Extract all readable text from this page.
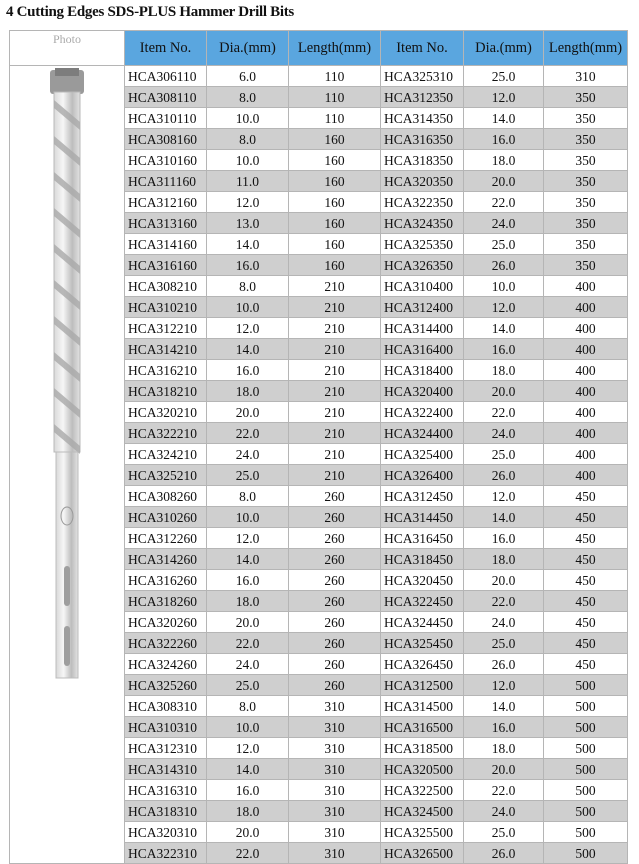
4 Cutting Edges SDS-PLUS Hammer Drill Bits
Photo	Item No.	Dia.(mm)	Length(mm)	Item No.	Dia.(mm)	Length(mm)

	HCA306110	6.0	110	HCA325310	25.0	310
	HCA308110	8.0	110	HCA312350	12.0	350
	HCA310110	10.0	110	HCA314350	14.0	350
	HCA308160	8.0	160	HCA316350	16.0	350
	HCA310160	10.0	160	HCA318350	18.0	350
	HCA311160	11.0	160	HCA320350	20.0	350
	HCA312160	12.0	160	HCA322350	22.0	350
	HCA313160	13.0	160	HCA324350	24.0	350
	HCA314160	14.0	160	HCA325350	25.0	350
	HCA316160	16.0	160	HCA326350	26.0	350
	HCA308210	8.0	210	HCA310400	10.0	400
	HCA310210	10.0	210	HCA312400	12.0	400
	HCA312210	12.0	210	HCA314400	14.0	400
	HCA314210	14.0	210	HCA316400	16.0	400
	HCA316210	16.0	210	HCA318400	18.0	400
	HCA318210	18.0	210	HCA320400	20.0	400
	HCA320210	20.0	210	HCA322400	22.0	400
	HCA322210	22.0	210	HCA324400	24.0	400
	HCA324210	24.0	210	HCA325400	25.0	400
	HCA325210	25.0	210	HCA326400	26.0	400
	HCA308260	8.0	260	HCA312450	12.0	450
	HCA310260	10.0	260	HCA314450	14.0	450
	HCA312260	12.0	260	HCA316450	16.0	450
	HCA314260	14.0	260	HCA318450	18.0	450
	HCA316260	16.0	260	HCA320450	20.0	450
	HCA318260	18.0	260	HCA322450	22.0	450
	HCA320260	20.0	260	HCA324450	24.0	450
	HCA322260	22.0	260	HCA325450	25.0	450
	HCA324260	24.0	260	HCA326450	26.0	450
	HCA325260	25.0	260	HCA312500	12.0	500
	HCA308310	8.0	310	HCA314500	14.0	500
	HCA310310	10.0	310	HCA316500	16.0	500
	HCA312310	12.0	310	HCA318500	18.0	500
	HCA314310	14.0	310	HCA320500	20.0	500
	HCA316310	16.0	310	HCA322500	22.0	500
	HCA318310	18.0	310	HCA324500	24.0	500
	HCA320310	20.0	310	HCA325500	25.0	500
	HCA322310	22.0	310	HCA326500	26.0	500
